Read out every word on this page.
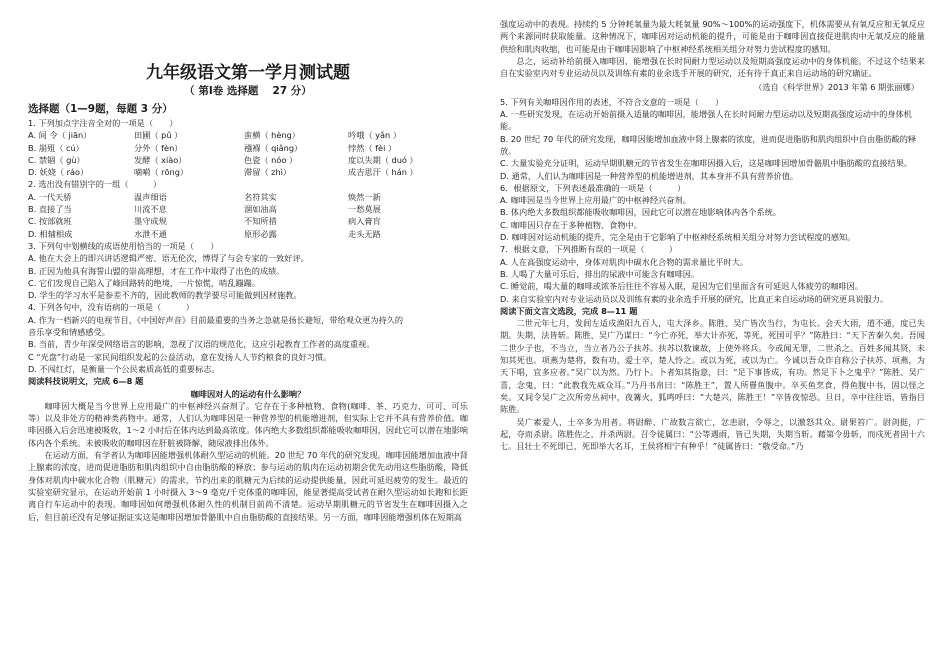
九年级语文第一学月测试题
（ 第Ⅰ卷 选择题 　27 分）
选择题（1—9题，每题 3 分）
1. 下列加点字注音全对的一项是（　　）
A. 间 令（ jiān）	田圃（ pǔ ）	蛮横（ hèng）	吟哦（ yǎn ）
B. 崩殂（ cú）	分外（ fèn）	襁褓（ qiǎng）	悖然（ fèi ）
C. 禁锢（ gù）	发酵（ xiào）	色瓷（ nóo ）	度以失期（ duó ）
D. 妖娆（ ráo）	嘀嗬（ rōng）	滞留（ zhì）	成吉思汗（ hán ）
2. 选出没有错别字的一组（　　　）
A. 一代天骄	温声细语	名符其实	焕然一新
B. 直接了当	川流不息	涸如油高	一愁莫展
C. 按部就班	墨守成规	不知所措	病入膏肓
D. 相辅相成	水泄不通	原形必露	走头无路
3. 下列句中划横线的成语使用恰当的一项是（　　）
A. 他在大会上的即兴讲话逻辑严密、语无伦次，博得了与会专家的一致好评。
B. 正因为他具有海誓山盟的崇高理想，才在工作中取得了出色的成绩。
C. 它们发现自己陷入了峰回路转的绝境，一片惊慌，哨乱蹦蹦。
D. 学生的学习水平是参差不齐的，因此教师的教学要尽可能做到因材施教。
4. 下列各句中，没有语病的一项是（　　　）
A. 作为一档新兴的电视节目，《中国好声音》目前最重要的当务之急就是扬长避短，带给观众更为持久的
音乐享受和情感感受。
B. 当前，青少年深受网络语言的影响，忽视了汉语的规范化，这应引起教育工作者的高度重视。
C “光盘”行动是一家民间组织发起的公益活动，意在发扬人人节约粮食的良好习惯。
D. 不闯红灯，是衡量一个公民素质高低的重要标志。
阅读科技说明文，完成 6—8 题
咖啡因对人的运动有什么影响？
咖啡因大概是当今世界上应用最广的中枢神经兴奋剂了。它存在于多种植物、食物(咖啡、茶、巧克力、可可、可乐等）以及非处方的精神类药物中。通常，人们认为咖啡因是一种营养型的机能增进剂，但实际上它并不具有营养价值。咖啡因摄入后会迅速被吸收，1～2 小时后在体内达到最高浓度。体内绝大多数组织都能吸收咖啡因，因此它可以潜在地影响体内各个系统。未被吸收的咖啡因在肝脏被降解，随尿液排出体外。
在运动方面，有学者认为咖啡因能增强机体耐久型运动的机能。20 世纪 70 年代的研究发现，咖啡因能增加血液中肾上腺素的浓度，进而促进脂肪和肌肉组织中自由脂肪酸的释放；参与运动的肌肉在运动初期会优先动用这些脂肪酸，降低身体对肌肉中碳水化合物（肌糖元）的需求，节约出来的肌糖元为后续的运动提供能量，因此可延迟疲劳的发生。最近的实验室研究显示，在运动开始前 1 小时摄入 3～9 毫克/千克体重的咖啡因，能显著提高受试者在耐久型运动如长跑和长距离自行车运动中的表现。咖啡因如何增强机体耐久性的机制目前尚不清楚。运动早期肌糖元的节省发生在咖啡因摄入之后，但目前还没有足够证据证实这是咖啡因增加骨骼肌中自由脂肪酸的直接结果。另一方面，咖啡因能增强机体在短期高
强度运动中的表现。持续约 5 分钟耗氧量为最大耗氧量 90%～100%的运动强度下，机体需要从有氧反应和无氧反应两个来源同时获取能量。这种情况下，咖啡因对运动机能的提升，可能是由于咖啡因直接促进肌肉中无氧反应的能量供给和肌肉收缩，也可能是由于咖啡因影响了中枢神经系统相关组分对努力尝试程度的感知。
总之，运动补给前摄入咖啡因，能增强在长时间耐力型运动以及短期高强度运动中的身体机能。不过这个结果来自在实验室内对专业运动员以及训练有素的业余选手开展的研究，还有待于真正来自运动场的研究确证。
（选自《科学世界》2013 年第 6 期张丽娜）
5. 下列有关咖啡因作用的表述，不符合文意的一项是（　　）
A. 一些研究发现，在运动开始前摄入适量的咖啡因，能增强人在长时间耐力型运动以及短期高强度运动中的身体机能。
B. 20 世纪 70 年代的研究发现，咖啡因能增加血液中肾上腺素的浓度，进而促进脂肪和肌肉组织中自由脂肪酸的释放。
C. 大量实验充分证明，运动早期肌糖元的节省发生在咖啡因摄入后，这是咖啡因增加骨骼肌中脂肪酸的直接结果。
D. 通常，人们认为咖啡因是一种营养型的机能增进剂，其本身并不具有营养价值。
6．根据原文，下列表述最准确的一项是（　　　）
A. 咖啡因是当今世界上应用最广的中枢神经兴奋剂。
B. 体内绝大多数组织都能吸收咖啡因，因此它可以潜在地影响体内各个系统。
C. 咖啡因只存在于多种植物、食物中。
D. 咖啡因对运动机能的提升，完全是由于它影响了中枢神经系统相关组分对努力尝试程度的感知。
7．根据文意，下列推断有误的一项是（　　　）
A. 人在高强度运动中，身体对肌肉中碳水化合物的需求量比平时大。
B. 人喝了大量可乐后，排出的尿液中可能含有咖啡因。
C. 睡觉前，喝大量的咖啡或浓茶后往往不容易入眠，是因为它们里面含有可延迟人体疲劳的咖啡因。
D. 来自实验室内对专业运动员以及训练有素的业余选手开展的研究，比真正来自运动场的研究更具说服力。
阅读下面文言文选段，完成 8—11 题
二世元年七月，发闾左适戍渔阳九百人，屯大泽乡。陈胜、吴广皆次当行，为屯长。会天大雨，道不通，度已失期。失期，法皆斩。陈胜、吴广乃谋曰：“今亡亦死，举大计亦死，等死，死国可乎？”陈胜曰：“天下苦秦久矣。吾闻二世少子也，不当立，当立者乃公子扶苏。扶苏以数谏故，上使外将兵。今或闻无罪，二世杀之。百姓多闻其贤，未知其死也。项燕为楚将，数有功，爱士卒，楚人怜之。或以为死，或以为亡。今诚以吾众诈自称公子扶苏、项燕，为天下唱，宜多应者。”吴广以为然。乃行卜。卜者知其指意，曰：“足下事皆成，有功。然足下卜之鬼乎？”陈胜、吴广喜，念鬼，曰：“此教我先威众耳。”乃丹书帛曰：“陈胜王”，置人所罾鱼腹中。卒买鱼烹食，得鱼腹中书，固以怪之矣。又间令吴广之次所旁丛祠中，夜篝火，狐鸣呼曰：“大楚兴，陈胜王！”卒皆夜惊恐。旦日，卒中往往语，皆指目陈胜。
吴广素爱人，士卒多为用者。将尉醉，广故数言欲亡，忿恚尉，令辱之，以激怒其众。尉果笞广。尉剑挺，广起，夺而杀尉。陈胜佐之，并杀两尉。召令徒属曰：“公等遇雨，皆已失期，失期当斩。藉第令毋斩，而戍死者固十六七。且壮士不死即已，死即举大名耳，王侯将相宁有种乎！”徒属皆曰：“敬受命。”乃
